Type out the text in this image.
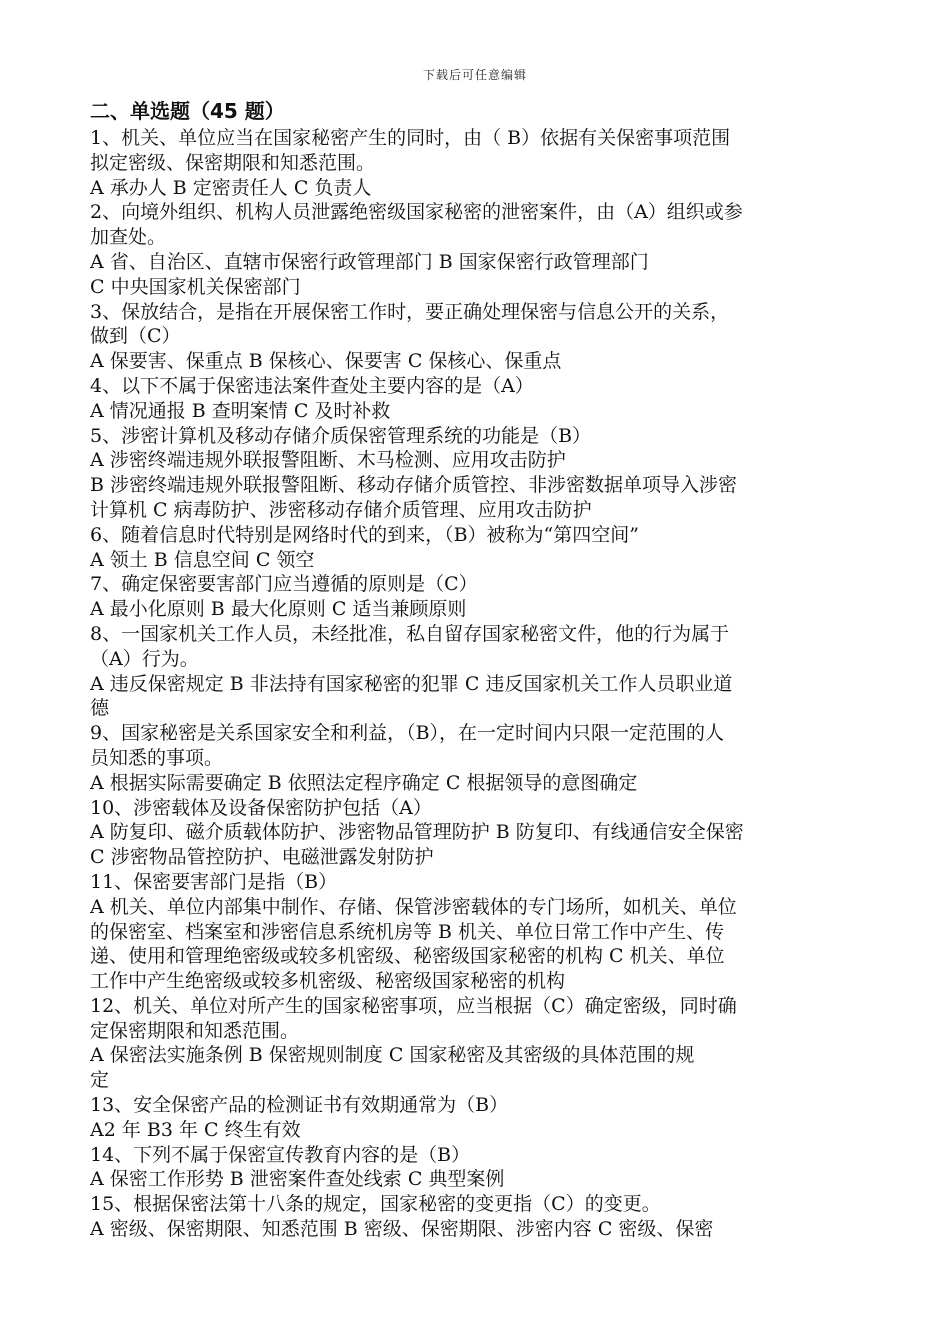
下载后可任意编辑
二、单选题（45 题）
1、机关、单位应当在国家秘密产生的同时，由（ B）依据有关保密事项范围
拟定密级、保密期限和知悉范围。
A 承办人 B 定密责任人 C 负责人
2、向境外组织、机构人员泄露绝密级国家秘密的泄密案件，由（A）组织或参
加查处。
A 省、自治区、直辖市保密行政管理部门 B 国家保密行政管理部门
C 中央国家机关保密部门
3、保放结合，是指在开展保密工作时，要正确处理保密与信息公开的关系，
做到（C）
A 保要害、保重点 B 保核心、保要害 C 保核心、保重点
4、以下不属于保密违法案件查处主要内容的是（A）
A 情况通报 B 查明案情 C 及时补救
5、涉密计算机及移动存储介质保密管理系统的功能是（B）
A 涉密终端违规外联报警阻断、木马检测、应用攻击防护
B 涉密终端违规外联报警阻断、移动存储介质管控、非涉密数据单项导入涉密
计算机 C 病毒防护、涉密移动存储介质管理、应用攻击防护
6、随着信息时代特别是网络时代的到来，（B）被称为“第四空间”
A 领土 B 信息空间 C 领空
7、确定保密要害部门应当遵循的原则是（C）
A 最小化原则 B 最大化原则 C 适当兼顾原则
8、一国家机关工作人员，未经批准，私自留存国家秘密文件，他的行为属于
（A）行为。
A 违反保密规定 B 非法持有国家秘密的犯罪 C 违反国家机关工作人员职业道
德
9、国家秘密是关系国家安全和利益，（B），在一定时间内只限一定范围的人
员知悉的事项。
A 根据实际需要确定 B 依照法定程序确定 C 根据领导的意图确定
10、涉密载体及设备保密防护包括（A）
A 防复印、磁介质载体防护、涉密物品管理防护 B 防复印、有线通信安全保密
C 涉密物品管控防护、电磁泄露发射防护
11、保密要害部门是指（B）
A 机关、单位内部集中制作、存储、保管涉密载体的专门场所，如机关、单位
的保密室、档案室和涉密信息系统机房等 B 机关、单位日常工作中产生、传
递、使用和管理绝密级或较多机密级、秘密级国家秘密的机构 C 机关、单位
工作中产生绝密级或较多机密级、秘密级国家秘密的机构
12、机关、单位对所产生的国家秘密事项，应当根据（C）确定密级，同时确
定保密期限和知悉范围。
A 保密法实施条例 B 保密规则制度 C 国家秘密及其密级的具体范围的规
定
13、安全保密产品的检测证书有效期通常为（B）
A2 年 B3 年 C 终生有效
14、下列不属于保密宣传教育内容的是（B）
A 保密工作形势 B 泄密案件查处线索 C 典型案例
15、根据保密法第十八条的规定，国家秘密的变更指（C）的变更。
A 密级、保密期限、知悉范围 B 密级、保密期限、涉密内容 C 密级、保密
